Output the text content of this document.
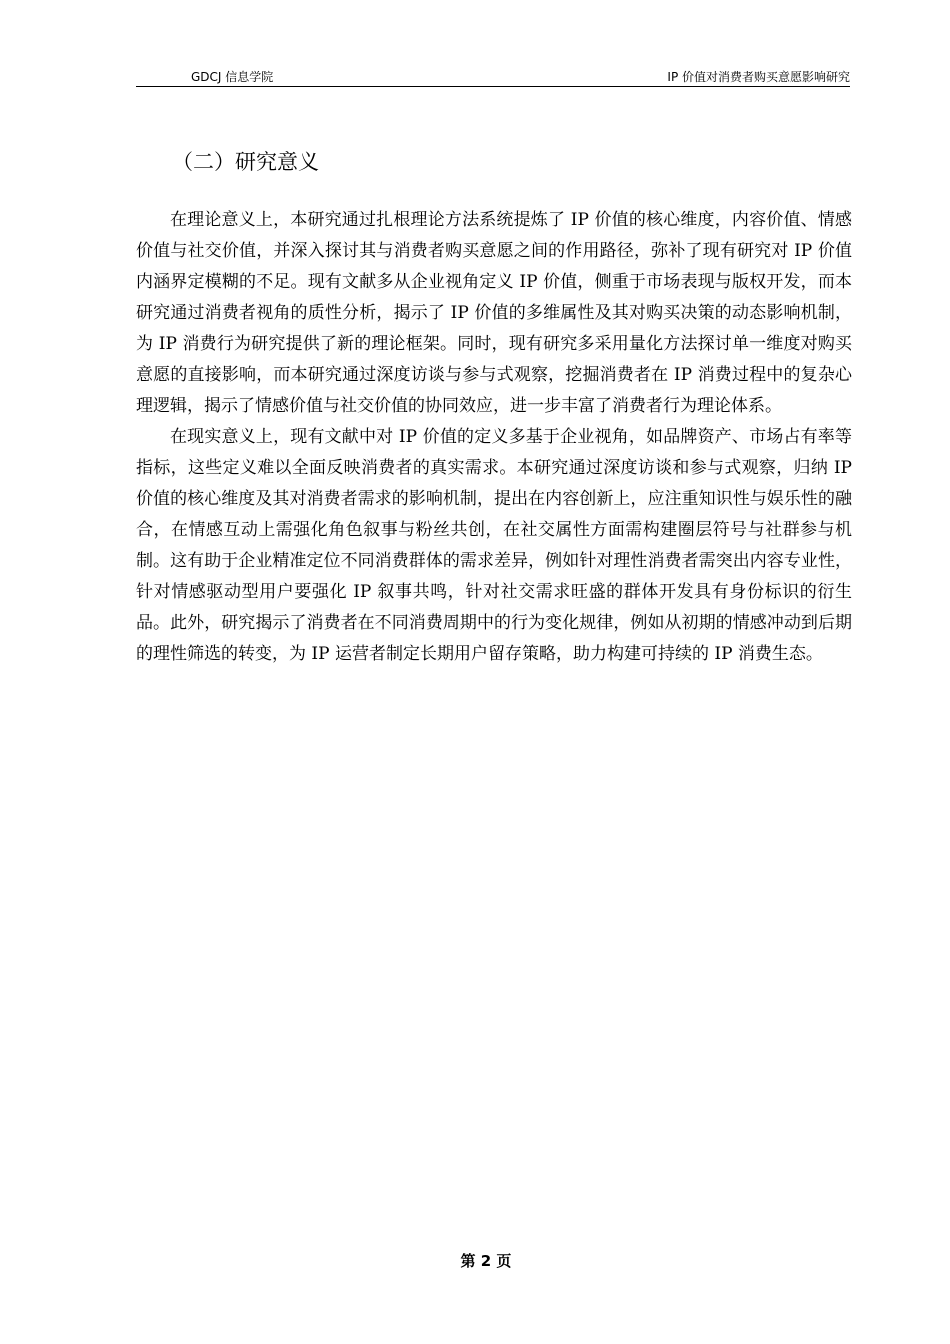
GDCJ 信息学院	IP 价值对消费者购买意愿影响研究
（二）研究意义

在理论意义上，本研究通过扎根理论方法系统提炼了 IP 价值的核心维度，内容价值、情感价值与社交价值，并深入探讨其与消费者购买意愿之间的作用路径，弥补了现有研究对 IP 价值内涵界定模糊的不足。现有文献多从企业视角定义 IP 价值，侧重于市场表现与版权开发，而本研究通过消费者视角的质性分析，揭示了 IP 价值的多维属性及其对购买决策的动态影响机制，为 IP 消费行为研究提供了新的理论框架。同时，现有研究多采用量化方法探讨单一维度对购买意愿的直接影响，而本研究通过深度访谈与参与式观察，挖掘消费者在 IP 消费过程中的复杂心理逻辑，揭示了情感价值与社交价值的协同效应，进一步丰富了消费者行为理论体系。

在现实意义上，现有文献中对 IP 价值的定义多基于企业视角，如品牌资产、市场占有率等指标，这些定义难以全面反映消费者的真实需求。本研究通过深度访谈和参与式观察，归纳 IP 价值的核心维度及其对消费者需求的影响机制，提出在内容创新上，应注重知识性与娱乐性的融合，在情感互动上需强化角色叙事与粉丝共创，在社交属性方面需构建圈层符号与社群参与机制。这有助于企业精准定位不同消费群体的需求差异，例如针对理性消费者需突出内容专业性，针对情感驱动型用户要强化 IP 叙事共鸣，针对社交需求旺盛的群体开发具有身份标识的衍生品。此外，研究揭示了消费者在不同消费周期中的行为变化规律，例如从初期的情感冲动到后期的理性筛选的转变，为 IP 运营者制定长期用户留存策略，助力构建可持续的 IP 消费生态。

第 2 页
